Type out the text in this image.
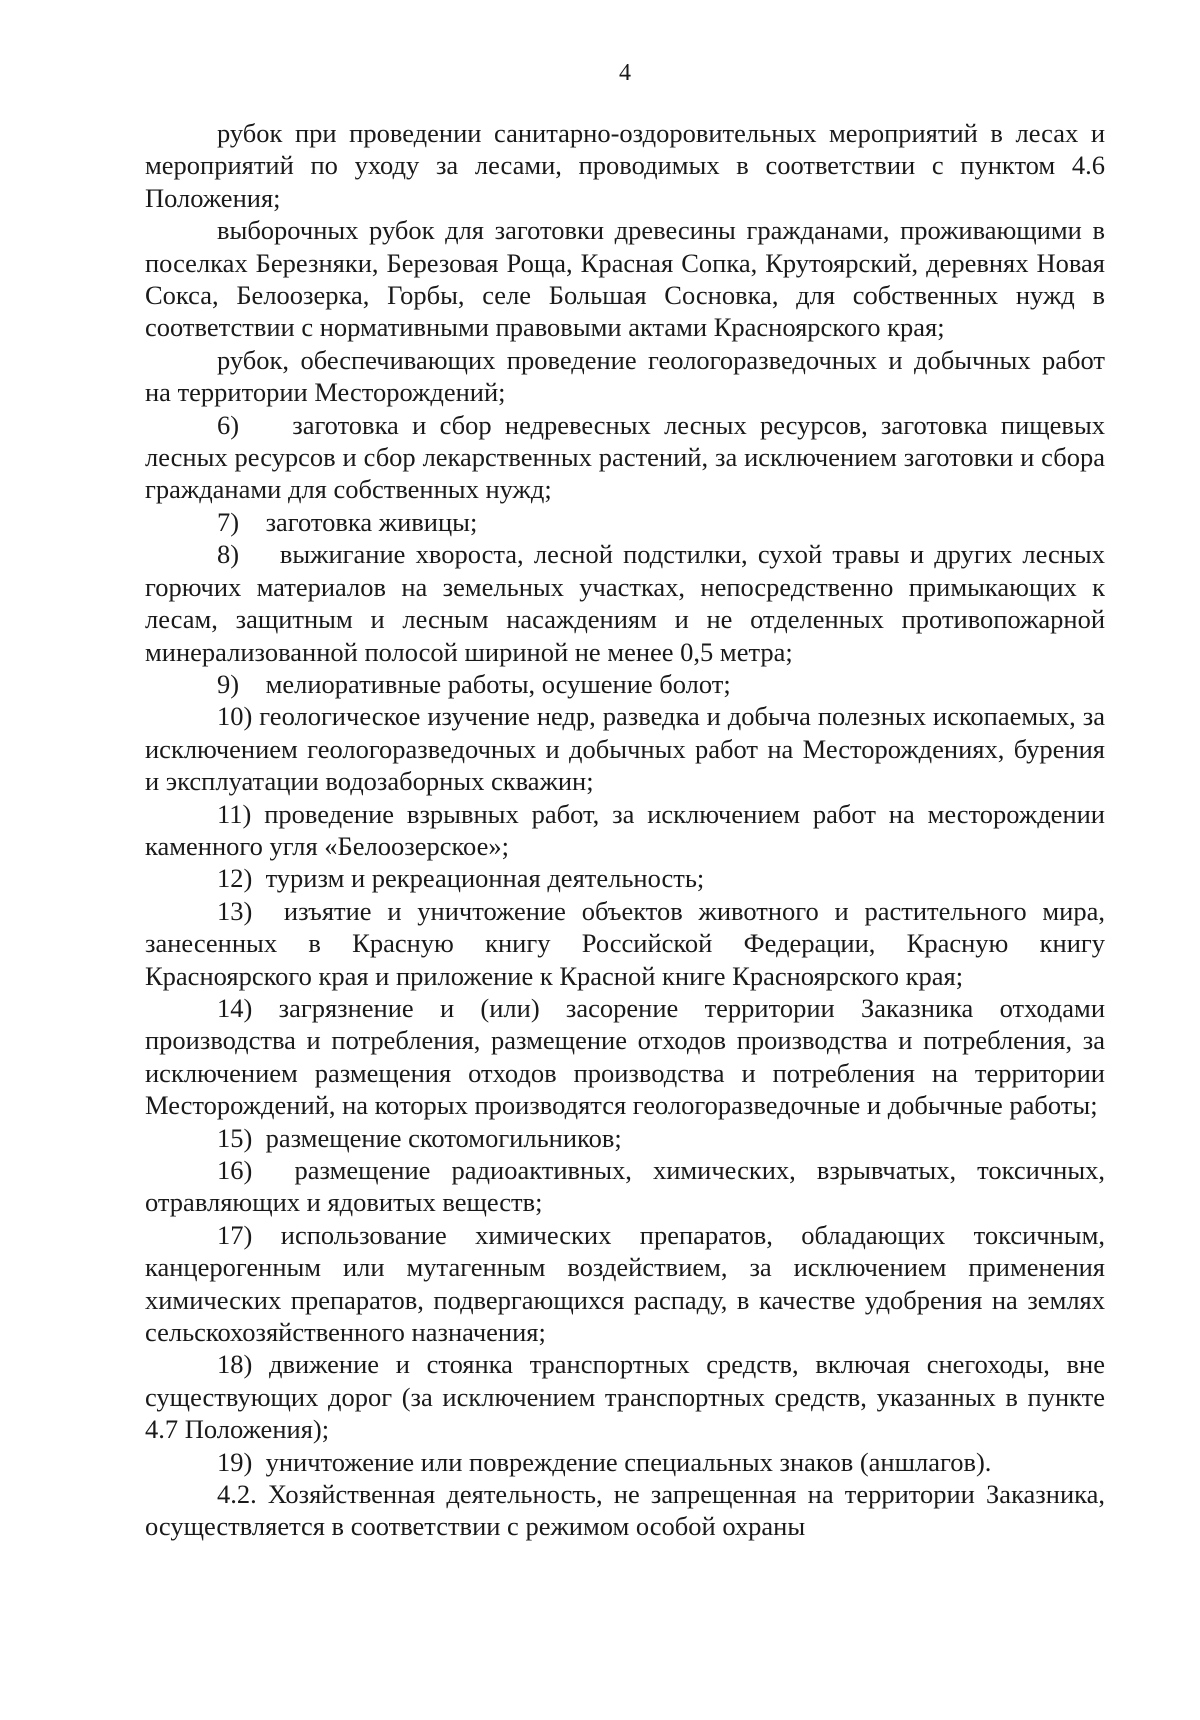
4

рубок при проведении санитарно-оздоровительных мероприятий в лесах и мероприятий по уходу за лесами, проводимых в соответствии с пунктом 4.6 Положения;

выборочных рубок для заготовки древесины гражданами, проживающими в поселках Березняки, Березовая Роща, Красная Сопка, Крутоярский, деревнях Новая Сокса, Белоозерка, Горбы, селе Большая Сосновка, для собственных нужд в соответствии с нормативными правовыми актами Красноярского края;

рубок, обеспечивающих проведение геологоразведочных и добычных работ на территории Месторождений;

6)    заготовка и сбор недревесных лесных ресурсов, заготовка пищевых лесных ресурсов и сбор лекарственных растений, за исключением заготовки и сбора гражданами для собственных нужд;

7)    заготовка живицы;

8)    выжигание хвороста, лесной подстилки, сухой травы и других лесных горючих материалов на земельных участках, непосредственно примыкающих к лесам, защитным и лесным насаждениям и не отделенных противопожарной минерализованной полосой шириной не менее 0,5 метра;

9)    мелиоративные работы, осушение болот;

10) геологическое изучение недр, разведка и добыча полезных ископаемых, за исключением геологоразведочных и добычных работ на Месторождениях, бурения и эксплуатации водозаборных скважин;

11) проведение взрывных работ, за исключением работ на месторождении каменного угля «Белоозерское»;

12)  туризм и рекреационная деятельность;

13)  изъятие и уничтожение объектов животного и растительного мира, занесенных в Красную книгу Российской Федерации, Красную книгу Красноярского края и приложение к Красной книге Красноярского края;

14) загрязнение и (или) засорение территории Заказника отходами производства и потребления, размещение отходов производства и потребления, за исключением размещения отходов производства и потребления на территории Месторождений, на которых производятся геологоразведочные и добычные работы;

15)  размещение скотомогильников;

16)  размещение радиоактивных, химических, взрывчатых, токсичных, отравляющих и ядовитых веществ;

17) использование химических препаратов, обладающих токсичным, канцерогенным или мутагенным воздействием, за исключением применения химических препаратов, подвергающихся распаду, в качестве удобрения на землях сельскохозяйственного назначения;

18) движение и стоянка транспортных средств, включая снегоходы, вне существующих дорог (за исключением транспортных средств, указанных в пункте 4.7 Положения);

19)  уничтожение или повреждение специальных знаков (аншлагов).

4.2. Хозяйственная деятельность, не запрещенная на территории Заказника, осуществляется в соответствии с режимом особой охраны
